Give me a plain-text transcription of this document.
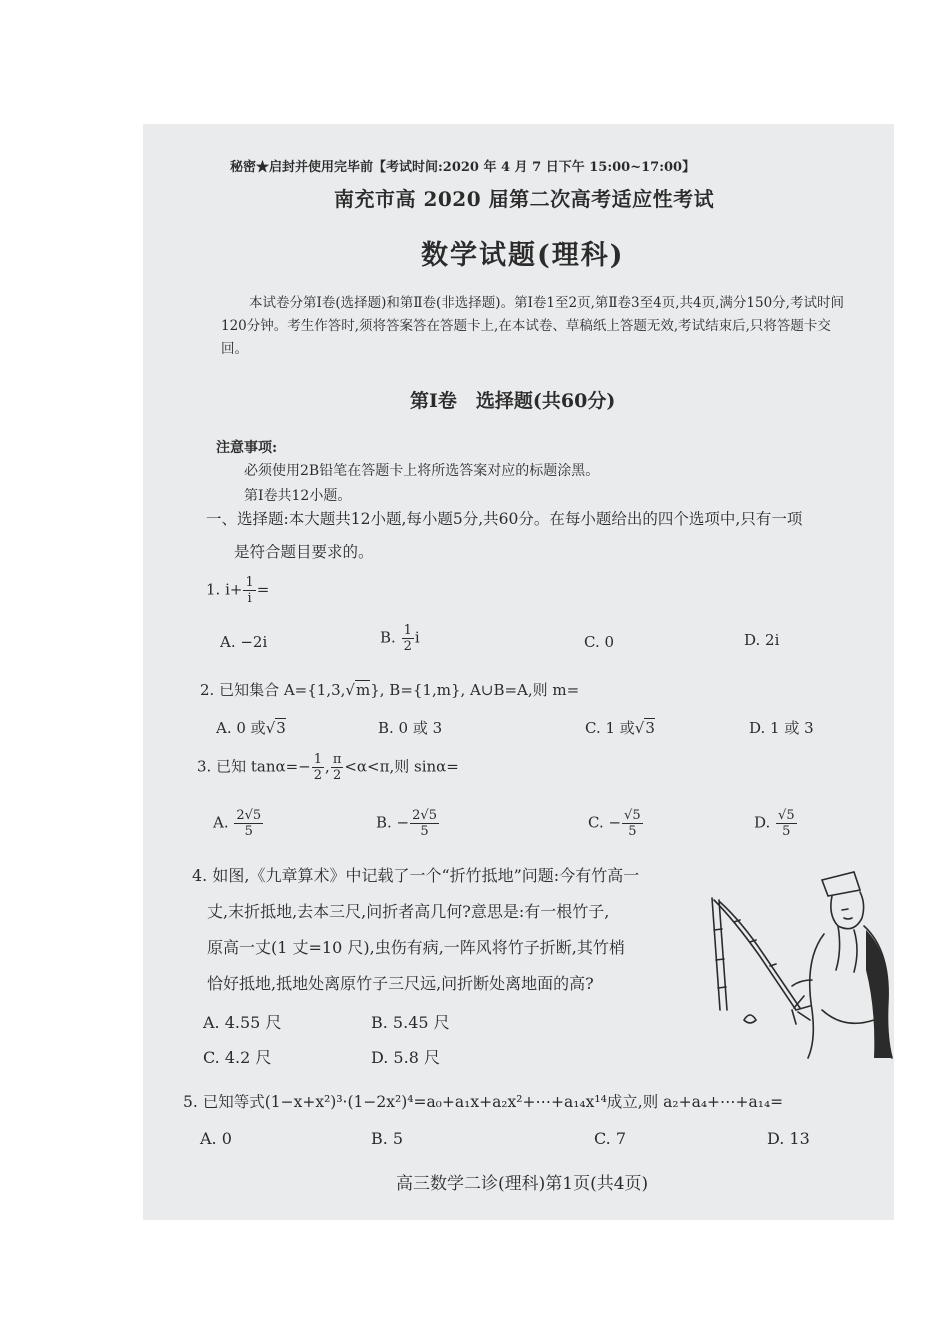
秘密★启封并使用完毕前【考试时间:2020 年 4 月 7 日下午 15:00~17:00】
南充市高 2020 届第二次高考适应性考试
数学试题(理科)
本试卷分第Ⅰ卷(选择题)和第Ⅱ卷(非选择题)。第Ⅰ卷1至2页,第Ⅱ卷3至4页,共4页,满分150分,考试时间120分钟。考生作答时,须将答案答在答题卡上,在本试卷、草稿纸上答题无效,考试结束后,只将答题卡交回。
第Ⅰ卷　选择题(共60分)
注意事项:
必须使用2B铅笔在答题卡上将所选答案对应的标题涂黑。
第Ⅰ卷共12小题。
一、选择题:本大题共12小题,每小题5分,共60分。在每小题给出的四个选项中,只有一项
是符合题目要求的。
1. $i+ \frac{1}{i}$ =
A. −2i	B. $\frac{1}{2}$ i	C. 0	D. 2i
2. 已知集合 A={1,3,√m}, B={1,m}, A∪B=A,则 m=
A. 0 或√3	B. 0 或 3	C. 1 或√3	D. 1 或 3
3. 已知 $\tan\alpha=- \frac{1}{2}$ , $\frac{\pi}{2} <\alpha<\pi$,则 sinα=
A. $\frac{2√5}{5}$	B. − $\frac{2√5}{5}$	C. − $\frac{√5}{5}$	D. $\frac{√5}{5}$
4. 如图,《九章算术》中记载了一个“折竹抵地”问题:今有竹高一
丈,末折抵地,去本三尺,问折者高几何?意思是:有一根竹子,
原高一丈(1 丈=10 尺),虫伤有病,一阵风将竹子折断,其竹梢
恰好抵地,抵地处离原竹子三尺远,问折断处离地面的高?
A. 4.55 尺	B. 5.45 尺
C. 4.2 尺	D. 5.8 尺
5. 已知等式(1−x+x²)³·(1−2x²)⁴=a₀+a₁x+a₂x²+⋯+a₁₄x¹⁴成立,则 a₂+a₄+⋯+a₁₄=
A. 0	B. 5	C. 7	D. 13
高三数学二诊(理科)第1页(共4页)
